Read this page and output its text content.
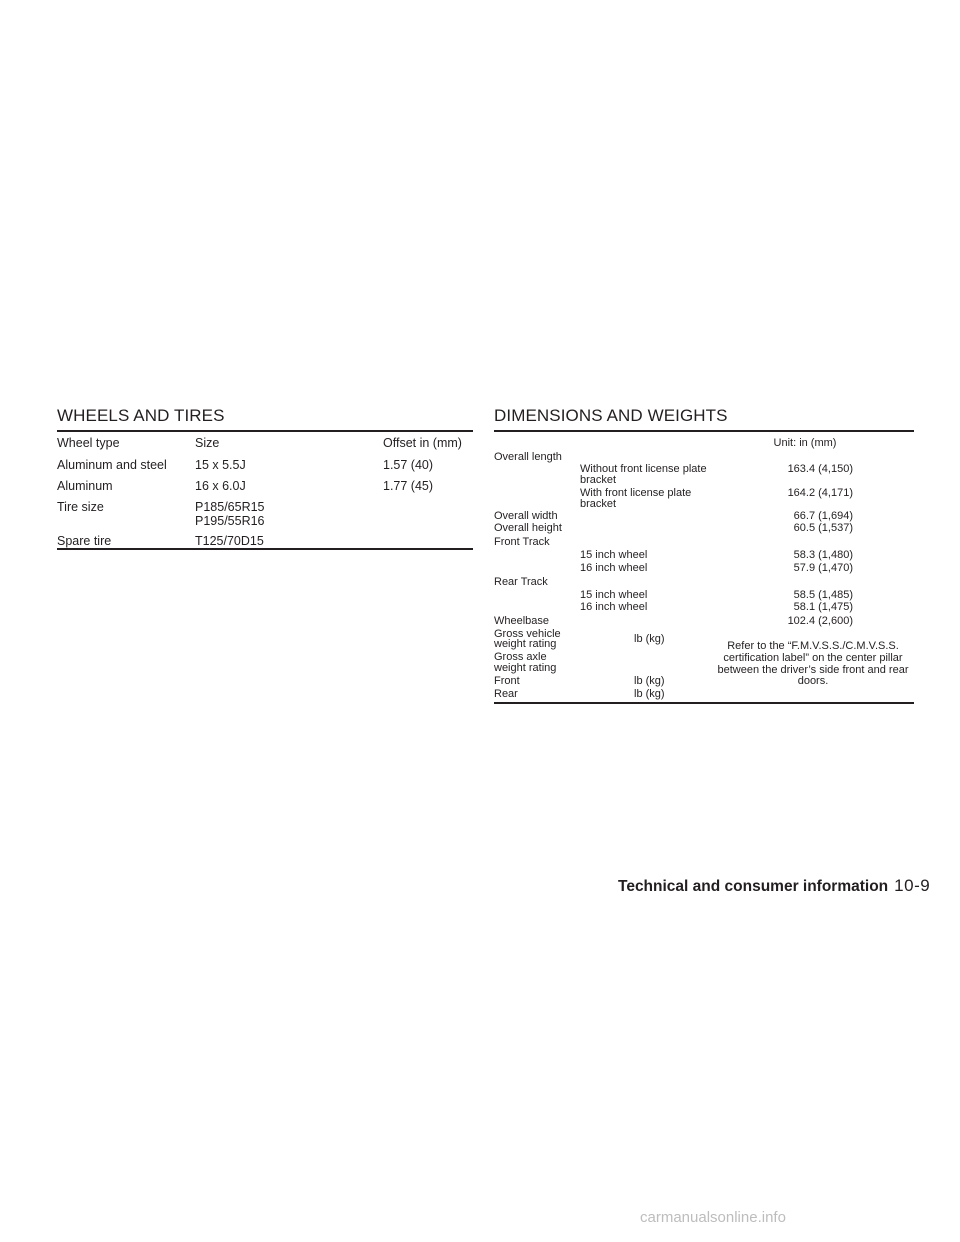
WHEELS AND TIRES
Wheel type	Size	Offset in (mm)
Aluminum and steel 15 x 5.5J	1.57 (40)
Aluminum	16 x 6.0J	1.77 (45)
Tire size	P185/65R15
P195/55R16
Spare tire	T125/70D15
DIMENSIONS AND WEIGHTS
Unit: in (mm)
Overall length
Without front license plate
bracket
163.4 (4,150)
With front license plate
bracket
164.2 (4,171)
Overall width	66.7 (1,694)
Overall height	60.5 (1,537)
Front Track
15 inch wheel	58.3 (1,480)
16 inch wheel	57.9 (1,470)
Rear Track
15 inch wheel	58.5 (1,485)
16 inch wheel	58.1 (1,475)
Wheelbase	102.4 (2,600)
Gross vehicle
weight rating	lb (kg)
Gross axle
weight rating
Front	lb (kg)
Rear	lb (kg)
Refer to the “F.M.V.S.S./C.M.V.S.S.
certification label” on the center pillar
between the driver’s side front and rear
doors.
Technical and consumer information 10-9
carmanualsonline.info
